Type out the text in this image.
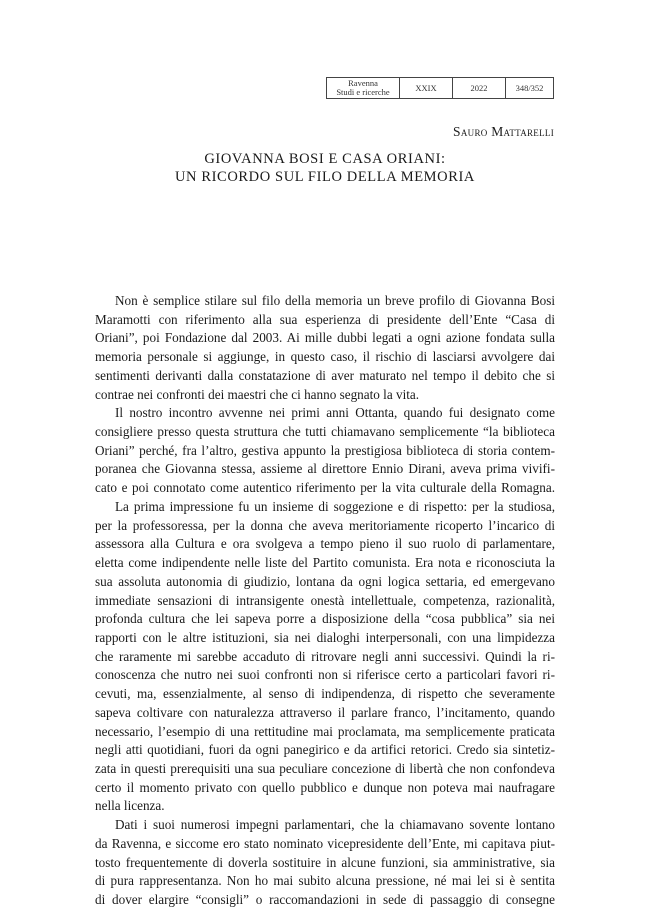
Ravenna
Studi e ricerche	XXIX	2022	348/352
Sauro Mattarelli
GIOVANNA BOSI E CASA ORIANI:
UN RICORDO SUL FILO DELLA MEMORIA
Non è semplice stilare sul filo della memoria un breve profilo di Giovanna Bosi
Maramotti con riferimento alla sua esperienza di presidente dell’Ente “Casa di
Oriani”, poi Fondazione dal 2003. Ai mille dubbi legati a ogni azione fondata sulla
memoria personale si aggiunge, in questo caso, il rischio di lasciarsi avvolgere dai
sentimenti derivanti dalla constatazione di aver maturato nel tempo il debito che si
contrae nei confronti dei maestri che ci hanno segnato la vita.
Il nostro incontro avvenne nei primi anni Ottanta, quando fui designato come
consigliere presso questa struttura che tutti chiamavano semplicemente “la biblioteca
Oriani” perché, fra l’altro, gestiva appunto la prestigiosa biblioteca di storia contem-
poranea che Giovanna stessa, assieme al direttore Ennio Dirani, aveva prima vivifi-
cato e poi connotato come autentico riferimento per la vita culturale della Romagna.
La prima impressione fu un insieme di soggezione e di rispetto: per la studiosa,
per la professoressa, per la donna che aveva meritoriamente ricoperto l’incarico di
assessora alla Cultura e ora svolgeva a tempo pieno il suo ruolo di parlamentare,
eletta come indipendente nelle liste del Partito comunista. Era nota e riconosciuta la
sua assoluta autonomia di giudizio, lontana da ogni logica settaria, ed emergevano
immediate sensazioni di intransigente onestà intellettuale, competenza, razionalità,
profonda cultura che lei sapeva porre a disposizione della “cosa pubblica” sia nei
rapporti con le altre istituzioni, sia nei dialoghi interpersonali, con una limpidezza
che raramente mi sarebbe accaduto di ritrovare negli anni successivi. Quindi la ri-
conoscenza che nutro nei suoi confronti non si riferisce certo a particolari favori ri-
cevuti, ma, essenzialmente, al senso di indipendenza, di rispetto che severamente
sapeva coltivare con naturalezza attraverso il parlare franco, l’incitamento, quando
necessario, l’esempio di una rettitudine mai proclamata, ma semplicemente praticata
negli atti quotidiani, fuori da ogni panegirico e da artifici retorici. Credo sia sintetiz-
zata in questi prerequisiti una sua peculiare concezione di libertà che non confondeva
certo il momento privato con quello pubblico e dunque non poteva mai naufragare
nella licenza.
Dati i suoi numerosi impegni parlamentari, che la chiamavano sovente lontano
da Ravenna, e siccome ero stato nominato vicepresidente dell’Ente, mi capitava piut-
tosto frequentemente di doverla sostituire in alcune funzioni, sia amministrative, sia
di pura rappresentanza. Non ho mai subito alcuna pressione, né mai lei si è sentita
di dover elargire “consigli” o raccomandazioni in sede di passaggio di consegne
